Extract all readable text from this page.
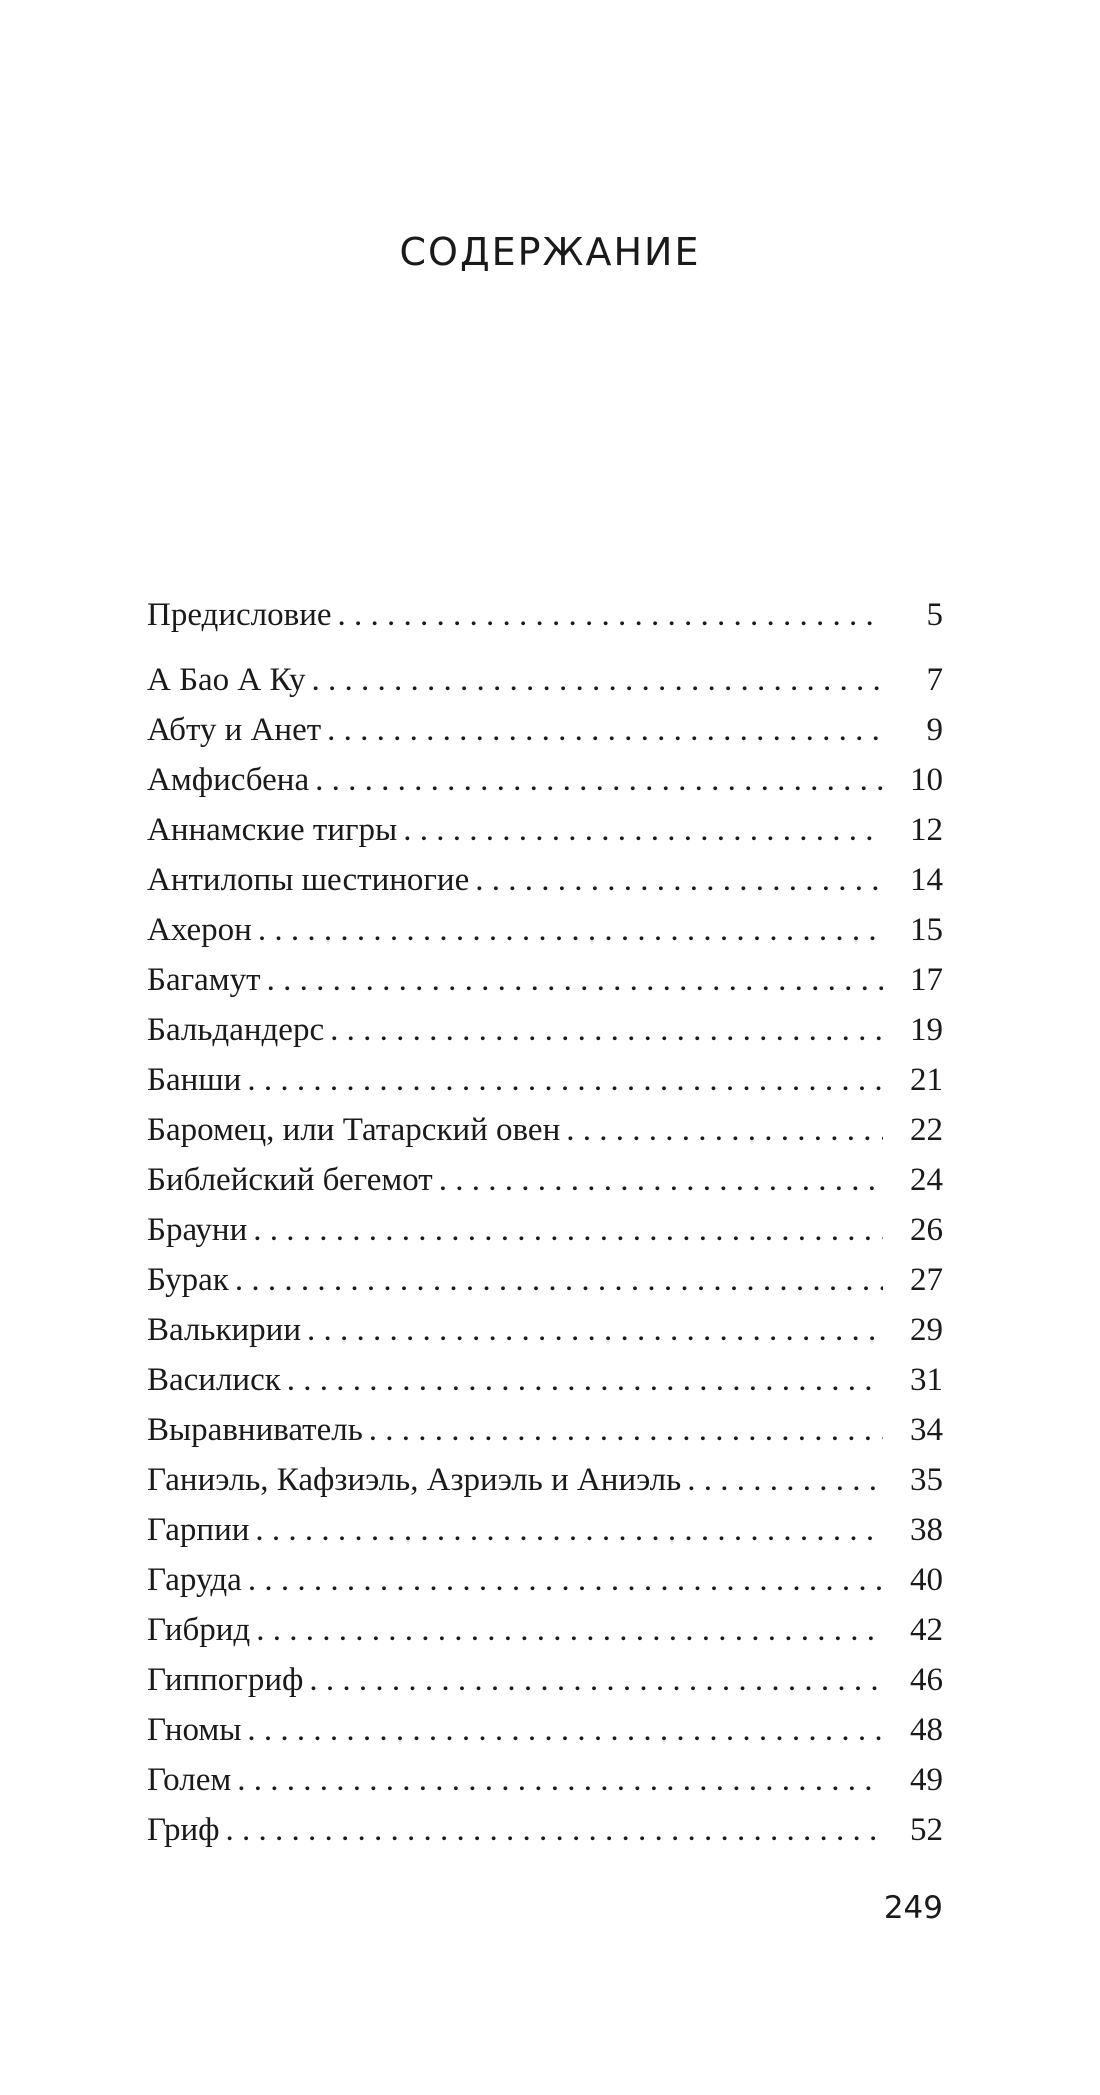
СОДЕРЖАНИЕ
Предисловие . . .	5
А Бао А Ку . . .	7
Абту и Анет . . .	9
Амфисбена . . .	10
Аннамские тигры . . .	12
Антилопы шестиногие . . .	14
Ахерон . . .	15
Багамут . . .	17
Бальдандерс . . .	19
Банши . . .	21
Баромец, или Татарский овен . . .	22
Библейский бегемот . . .	24
Брауни . . .	26
Бурак . . .	27
Валькирии . . .	29
Василиск . . .	31
Выравниватель . . .	34
Ганиэль, Кафзиэль, Азриэль и Аниэль . . .	35
Гарпии . . .	38
Гаруда . . .	40
Гибрид . . .	42
Гиппогриф . . .	46
Гномы . . .	48
Голем . . .	49
Гриф . . .	52
249
